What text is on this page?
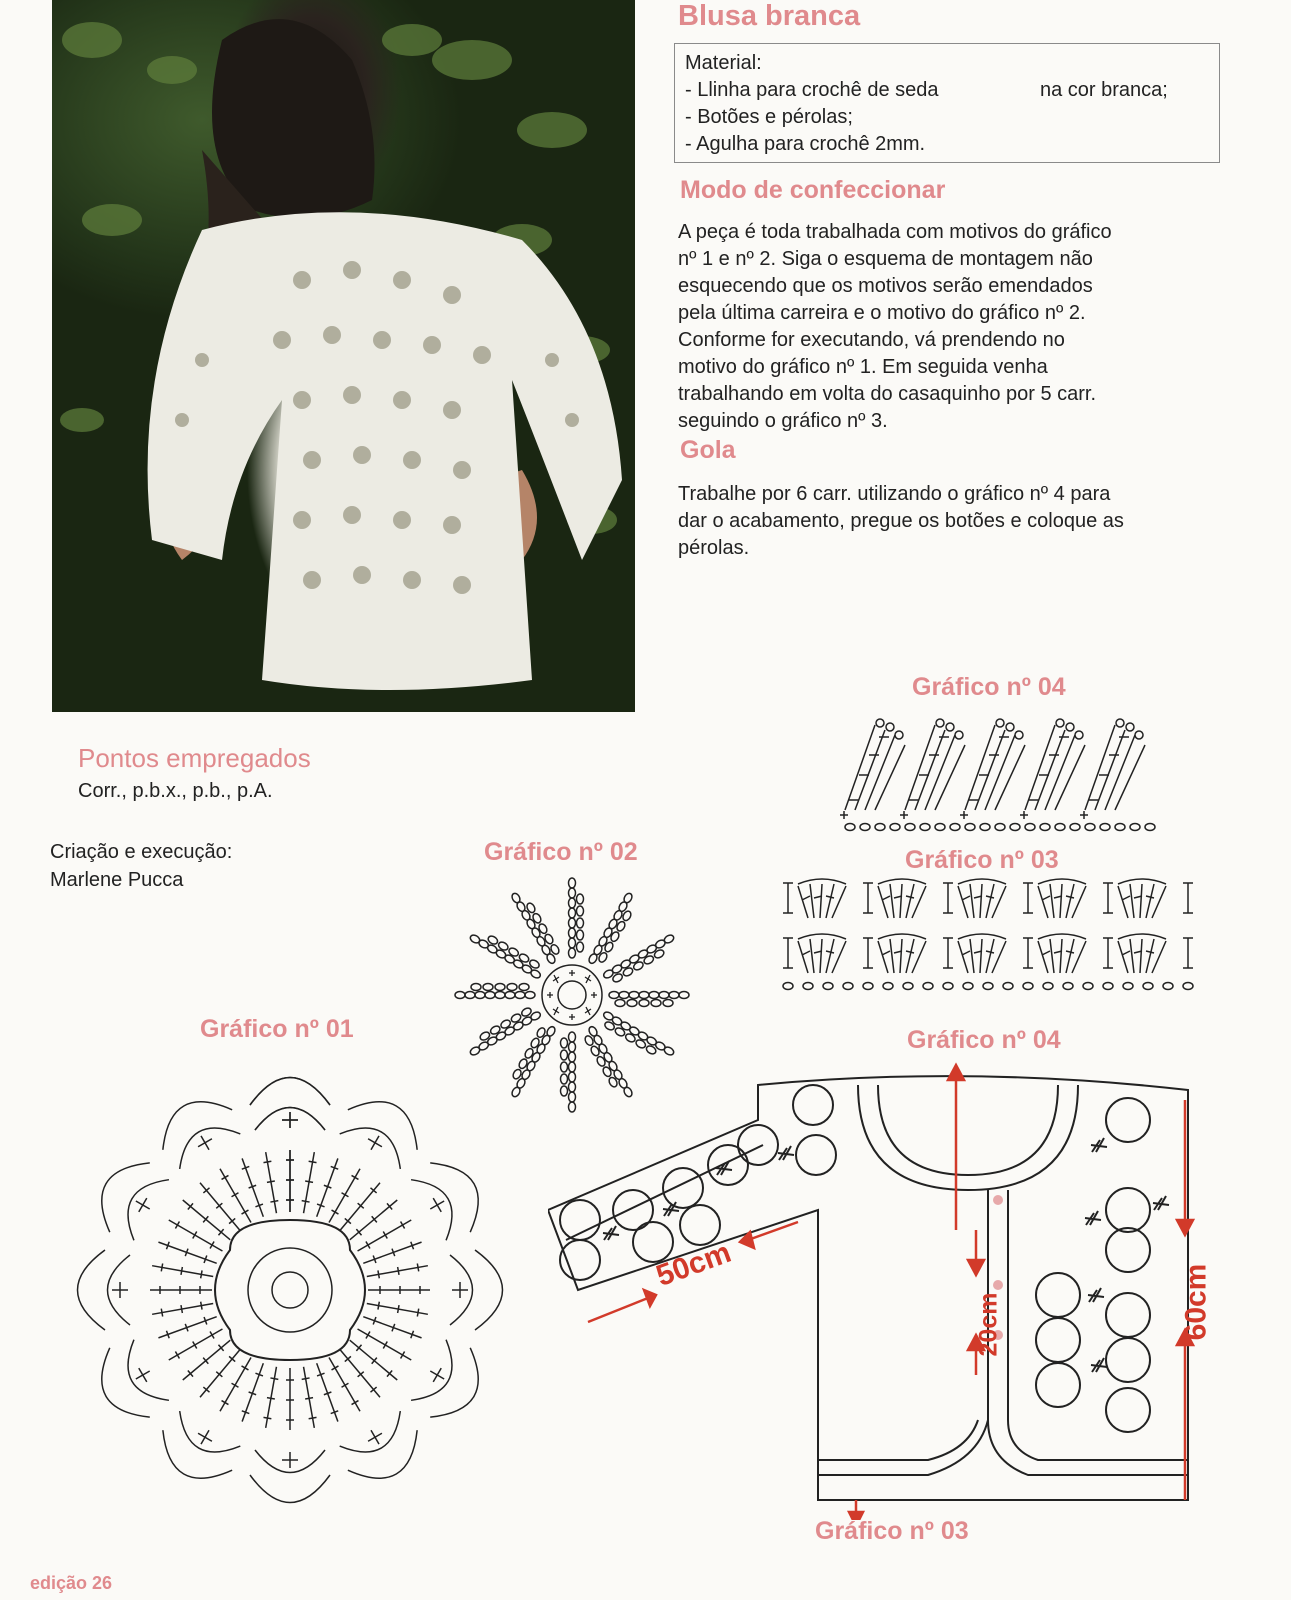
Blusa branca
Material:
- Llinha para crochê de seda	na cor branca;
- Botões e pérolas;
- Agulha para crochê 2mm.
Modo de confeccionar
A peça é toda trabalhada com motivos do gráfico
nº 1 e nº 2. Siga o esquema de montagem não
esquecendo que os motivos serão emendados
pela última carreira e o motivo do gráfico nº 2.
Conforme for executando, vá prendendo no
motivo do gráfico nº 1. Em seguida venha
trabalhando em volta do casaquinho por 5 carr.
seguindo o gráfico nº 3.
Gola
Trabalhe por 6 carr. utilizando o gráfico nº 4 para
dar o acabamento, pregue os botões e coloque as
pérolas.
Pontos empregados
Corr., p.b.x., p.b., p.A.
Criação e execução:
Marlene Pucca
Gráfico nº 04
Gráfico nº 03
Gráfico nº 02
Gráfico nº 01	Gráfico nº 04
Gráfico nº 03
50cm
20cm	60cm
edição 26
